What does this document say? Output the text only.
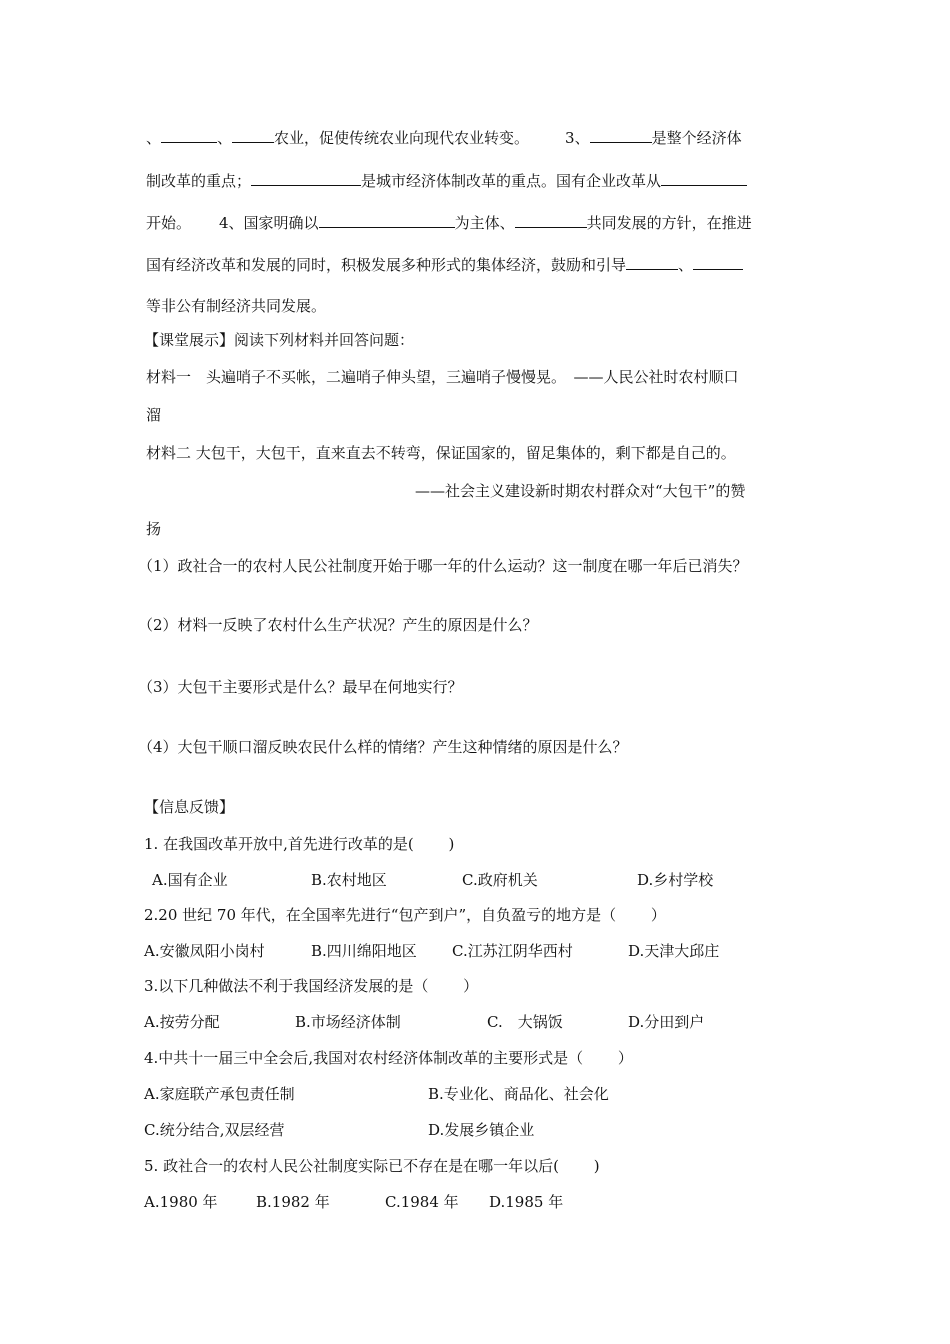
、	、	农业，促使传统农业向现代农业转变。 3、	是整个经济体
制改革的重点；	是城市经济体制改革的重点。国有企业改革从
开始。 4、国家明确以	为主体、	共同发展的方针，在推进
国有经济改革和发展的同时，积极发展多种形式的集体经济，鼓励和引导	、
等非公有制经济共同发展。
【课堂展示】阅读下列材料并回答问题：
材料一　头遍哨子不买帐，二遍哨子伸头望，三遍哨子慢慢晃。　——人民公社时农村顺口
溜
材料二 大包干，大包干，直来直去不转弯，保证国家的，留足集体的，剩下都是自己的。
——社会主义建设新时期农村群众对“大包干”的赞
扬
（1）政社合一的农村人民公社制度开始于哪一年的什么运动？这一制度在哪一年后已消失？
（2）材料一反映了农村什么生产状况？产生的原因是什么？
（3）大包干主要形式是什么？最早在何地实行？
（4）大包干顺口溜反映农民什么样的情绪？产生这种情绪的原因是什么？
【信息反馈】
1. 在我国改革开放中,首先进行改革的是(　　 )
A.国有企业	B.农村地区	C.政府机关	D.乡村学校
2.20 世纪 70 年代，在全国率先进行“包产到户”，自负盈亏的地方是（　　 ）
A.安徽凤阳小岗村	B.四川绵阳地区 C.江苏江阴华西村	D.天津大邱庄
3.以下几种做法不利于我国经济发展的是（　　 ）
A.按劳分配	B.市场经济体制	C.　大锅饭	D.分田到户
4.中共十一届三中全会后,我国对农村经济体制改革的主要形式是（　　 ）
A.家庭联产承包责任制	B.专业化、商品化、社会化
C.统分结合,双层经营	D.发展乡镇企业
5. 政社合一的农村人民公社制度实际已不存在是在哪一年以后(　　 )
A.1980 年	B.1982 年	C.1984 年 D.1985 年
